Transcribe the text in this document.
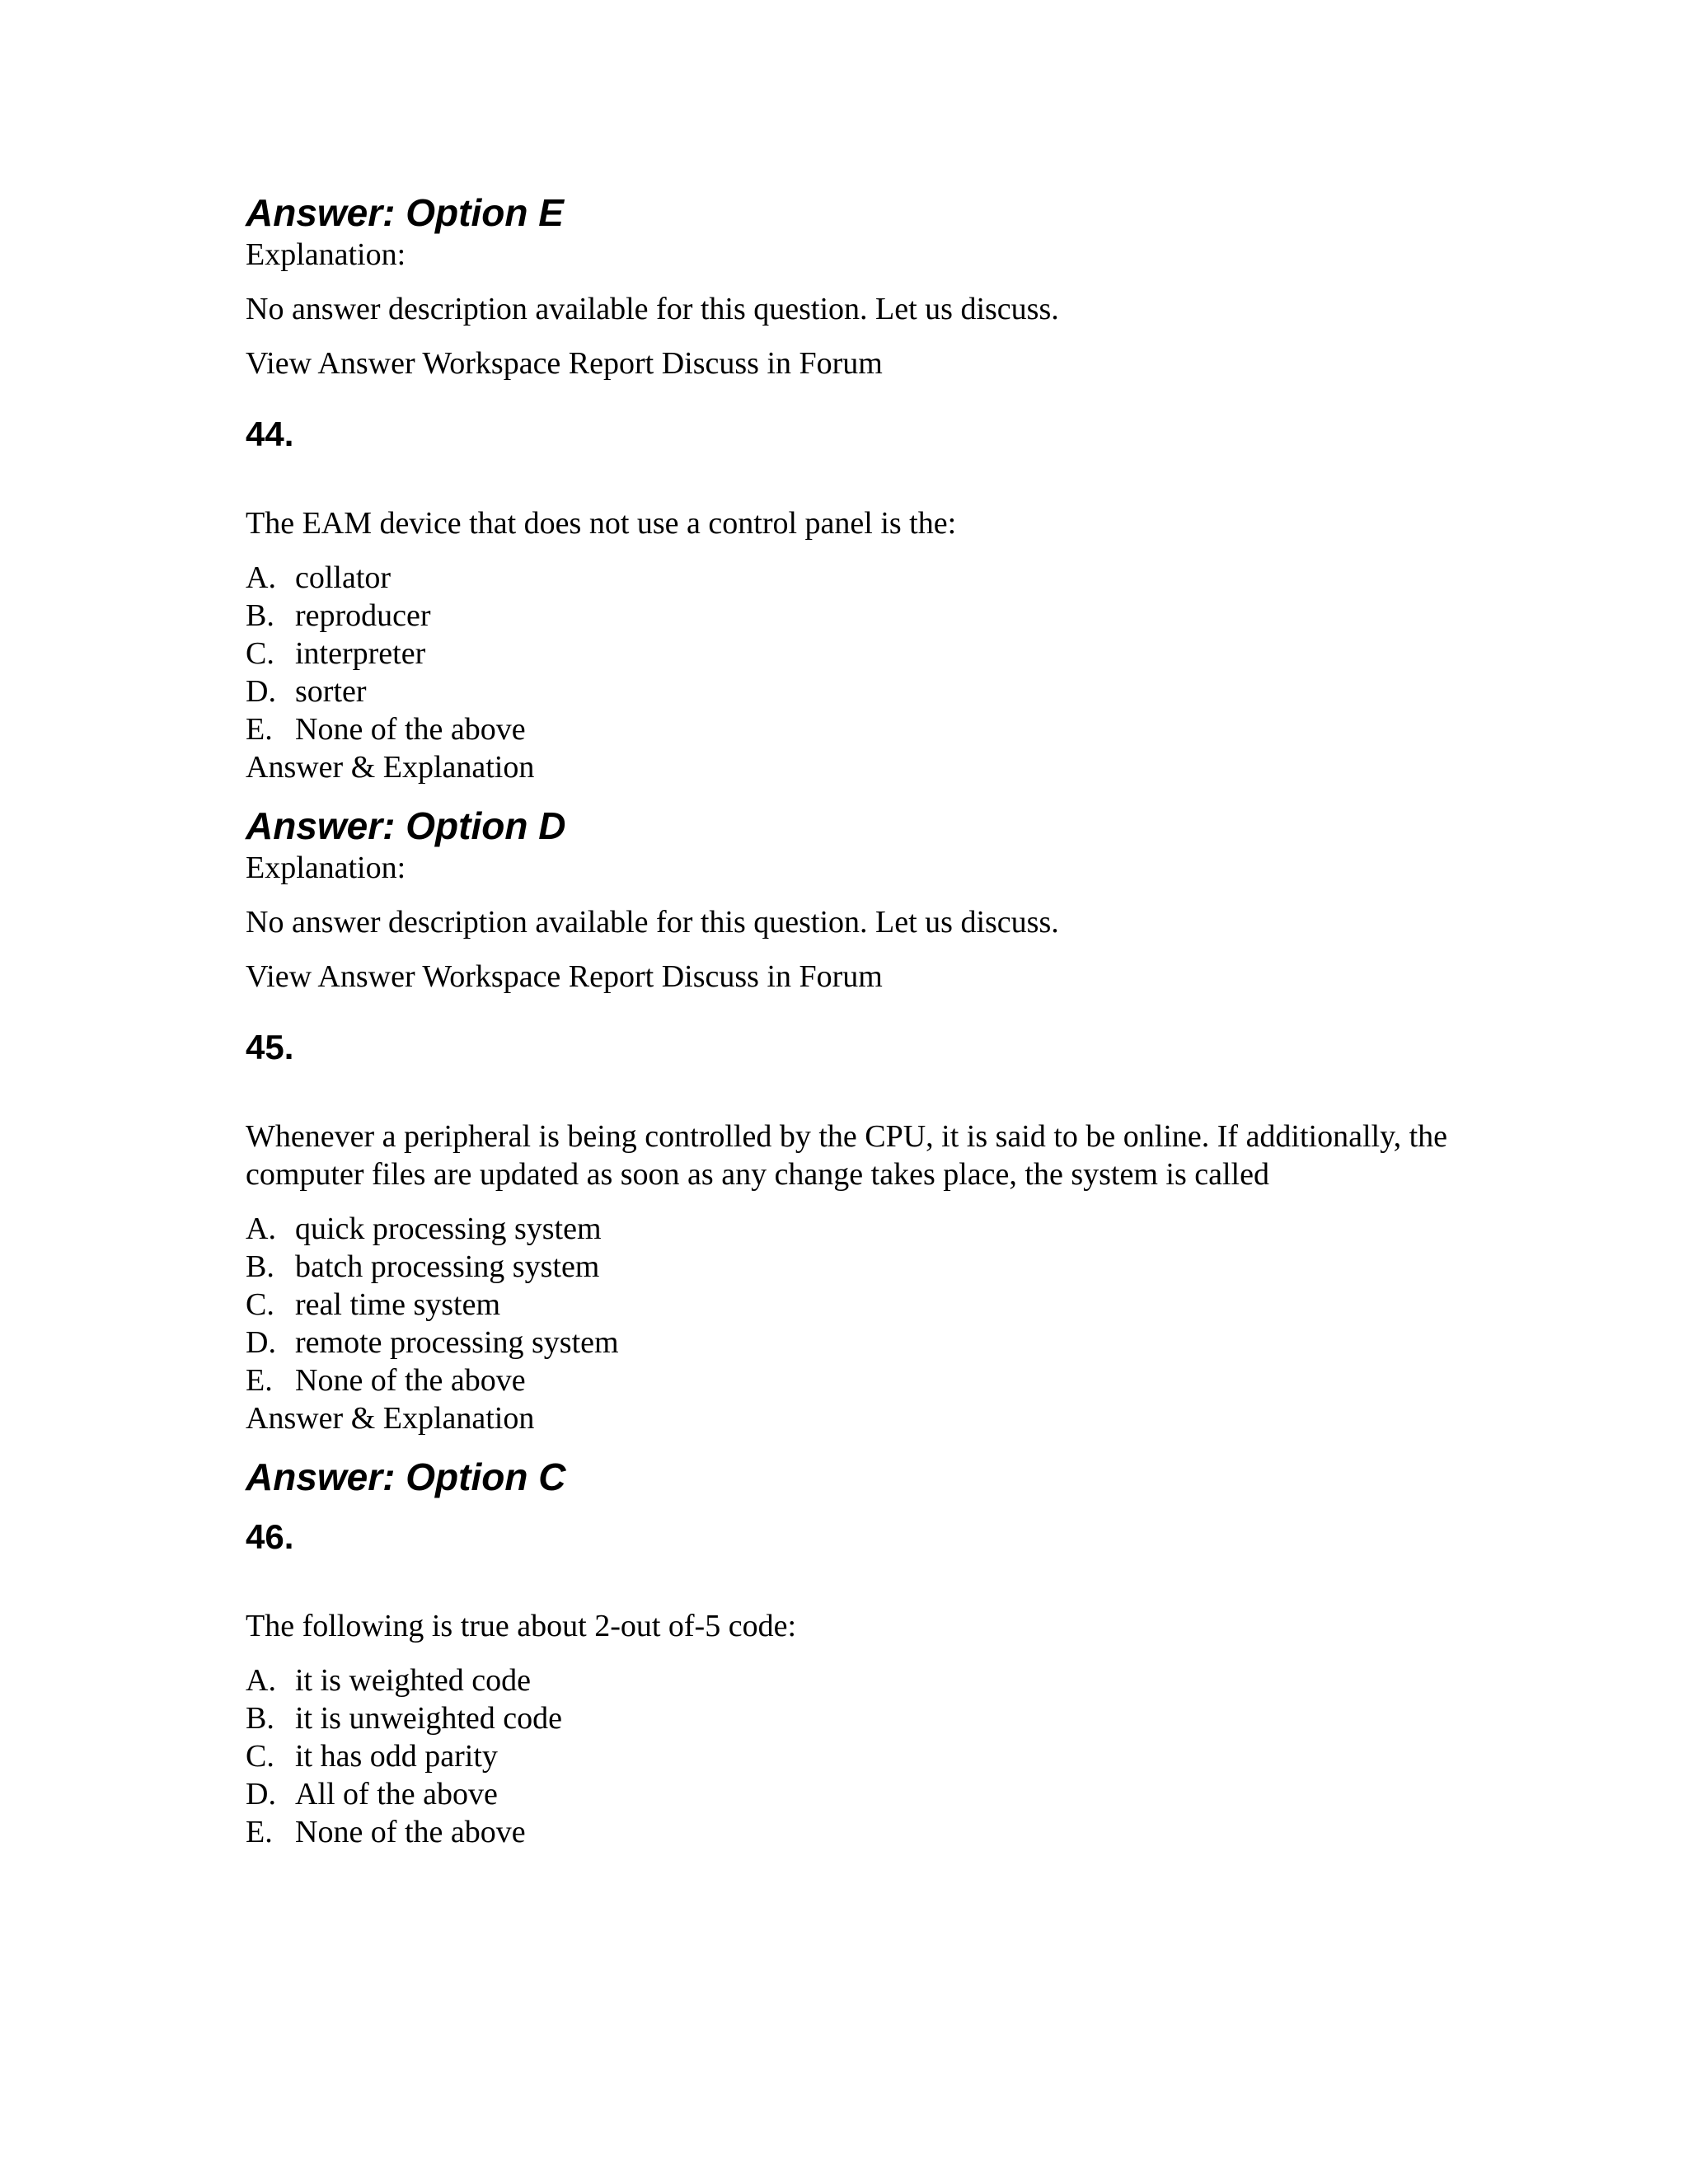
Answer: Option E

Explanation:

No answer description available for this question. Let us discuss.

View Answer Workspace Report Discuss in Forum

44.

The EAM device that does not use a control panel is the:

A. collator
B. reproducer
C. interpreter
D. sorter
E. None of the above

Answer & Explanation

Answer: Option D

Explanation:

No answer description available for this question. Let us discuss.

View Answer Workspace Report Discuss in Forum

45.

Whenever a peripheral is being controlled by the CPU, it is said to be online. If additionally, the computer files are updated as soon as any change takes place, the system is called

A. quick processing system
B. batch processing system
C. real time system
D. remote processing system
E. None of the above

Answer & Explanation

Answer: Option C
46.

The following is true about 2-out of-5 code:

A. it is weighted code
B. it is unweighted code
C. it has odd parity
D. All of the above
E. None of the above
